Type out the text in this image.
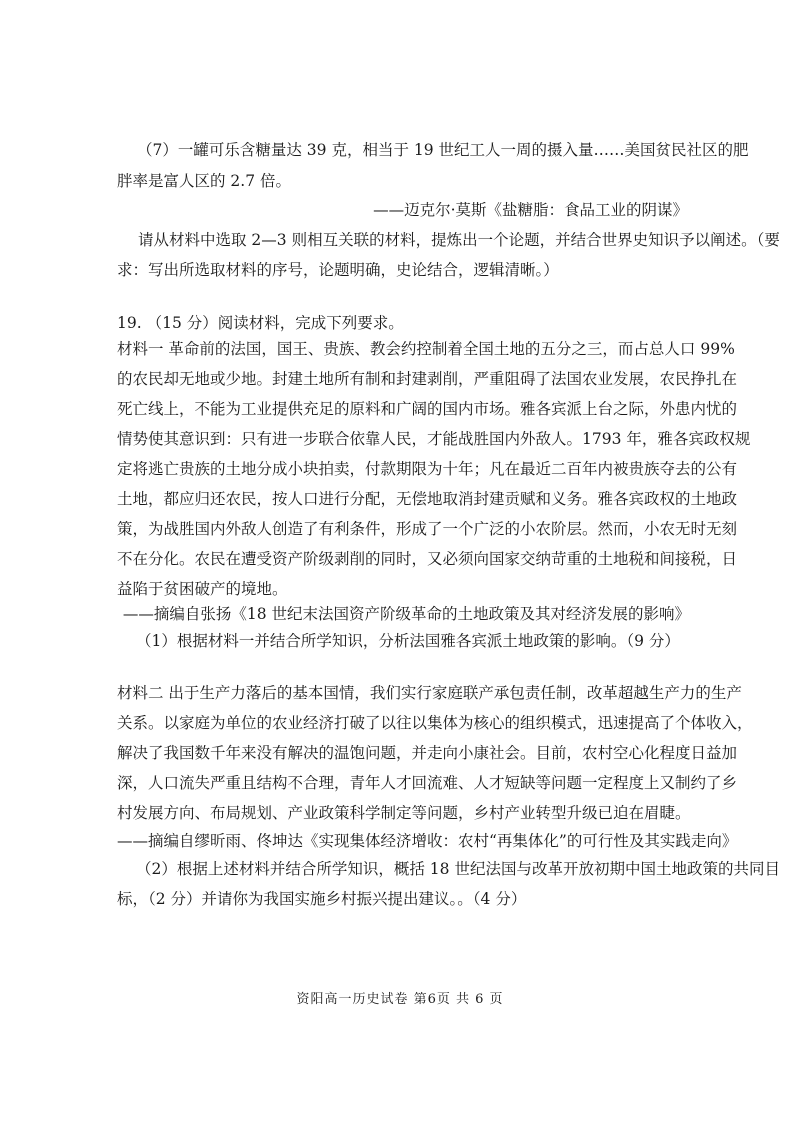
（7）一罐可乐含糖量达 39 克，相当于 19 世纪工人一周的摄入量……美国贫民社区的肥
胖率是富人区的 2.7 倍。
——迈克尔·莫斯《盐糖脂：食品工业的阴谋》
请从材料中选取 2—3 则相互关联的材料，提炼出一个论题，并结合世界史知识予以阐述。（要
求：写出所选取材料的序号，论题明确，史论结合，逻辑清晰。）
19. （15 分）阅读材料，完成下列要求。
材料一 革命前的法国，国王、贵族、教会约控制着全国土地的五分之三，而占总人口 99%
的农民却无地或少地。封建土地所有制和封建剥削，严重阻碍了法国农业发展，农民挣扎在
死亡线上，不能为工业提供充足的原料和广阔的国内市场。雅各宾派上台之际，外患内忧的
情势使其意识到：只有进一步联合依靠人民，才能战胜国内外敌人。1793 年，雅各宾政权规
定将逃亡贵族的土地分成小块拍卖，付款期限为十年；凡在最近二百年内被贵族夺去的公有
土地，都应归还农民，按人口进行分配，无偿地取消封建贡赋和义务。雅各宾政权的土地政
策，为战胜国内外敌人创造了有利条件，形成了一个广泛的小农阶层。然而，小农无时无刻
不在分化。农民在遭受资产阶级剥削的同时，又必须向国家交纳苛重的土地税和间接税，日
益陷于贫困破产的境地。
——摘编自张扬《18 世纪末法国资产阶级革命的土地政策及其对经济发展的影响》
（1）根据材料一并结合所学知识，分析法国雅各宾派土地政策的影响。（9 分）
材料二 出于生产力落后的基本国情，我们实行家庭联产承包责任制，改革超越生产力的生产
关系。以家庭为单位的农业经济打破了以往以集体为核心的组织模式，迅速提高了个体收入，
解决了我国数千年来没有解决的温饱问题，并走向小康社会。目前，农村空心化程度日益加
深，人口流失严重且结构不合理，青年人才回流难、人才短缺等问题一定程度上又制约了乡
村发展方向、布局规划、产业政策科学制定等问题，乡村产业转型升级已迫在眉睫。
——摘编自缪昕雨、佟坤达《实现集体经济增收：农村“再集体化”的可行性及其实践走向》
（2）根据上述材料并结合所学知识，概括 18 世纪法国与改革开放初期中国土地政策的共同目
标，（2 分）并请你为我国实施乡村振兴提出建议。。（4 分）
资阳高一历史试卷 第6页 共 6 页
